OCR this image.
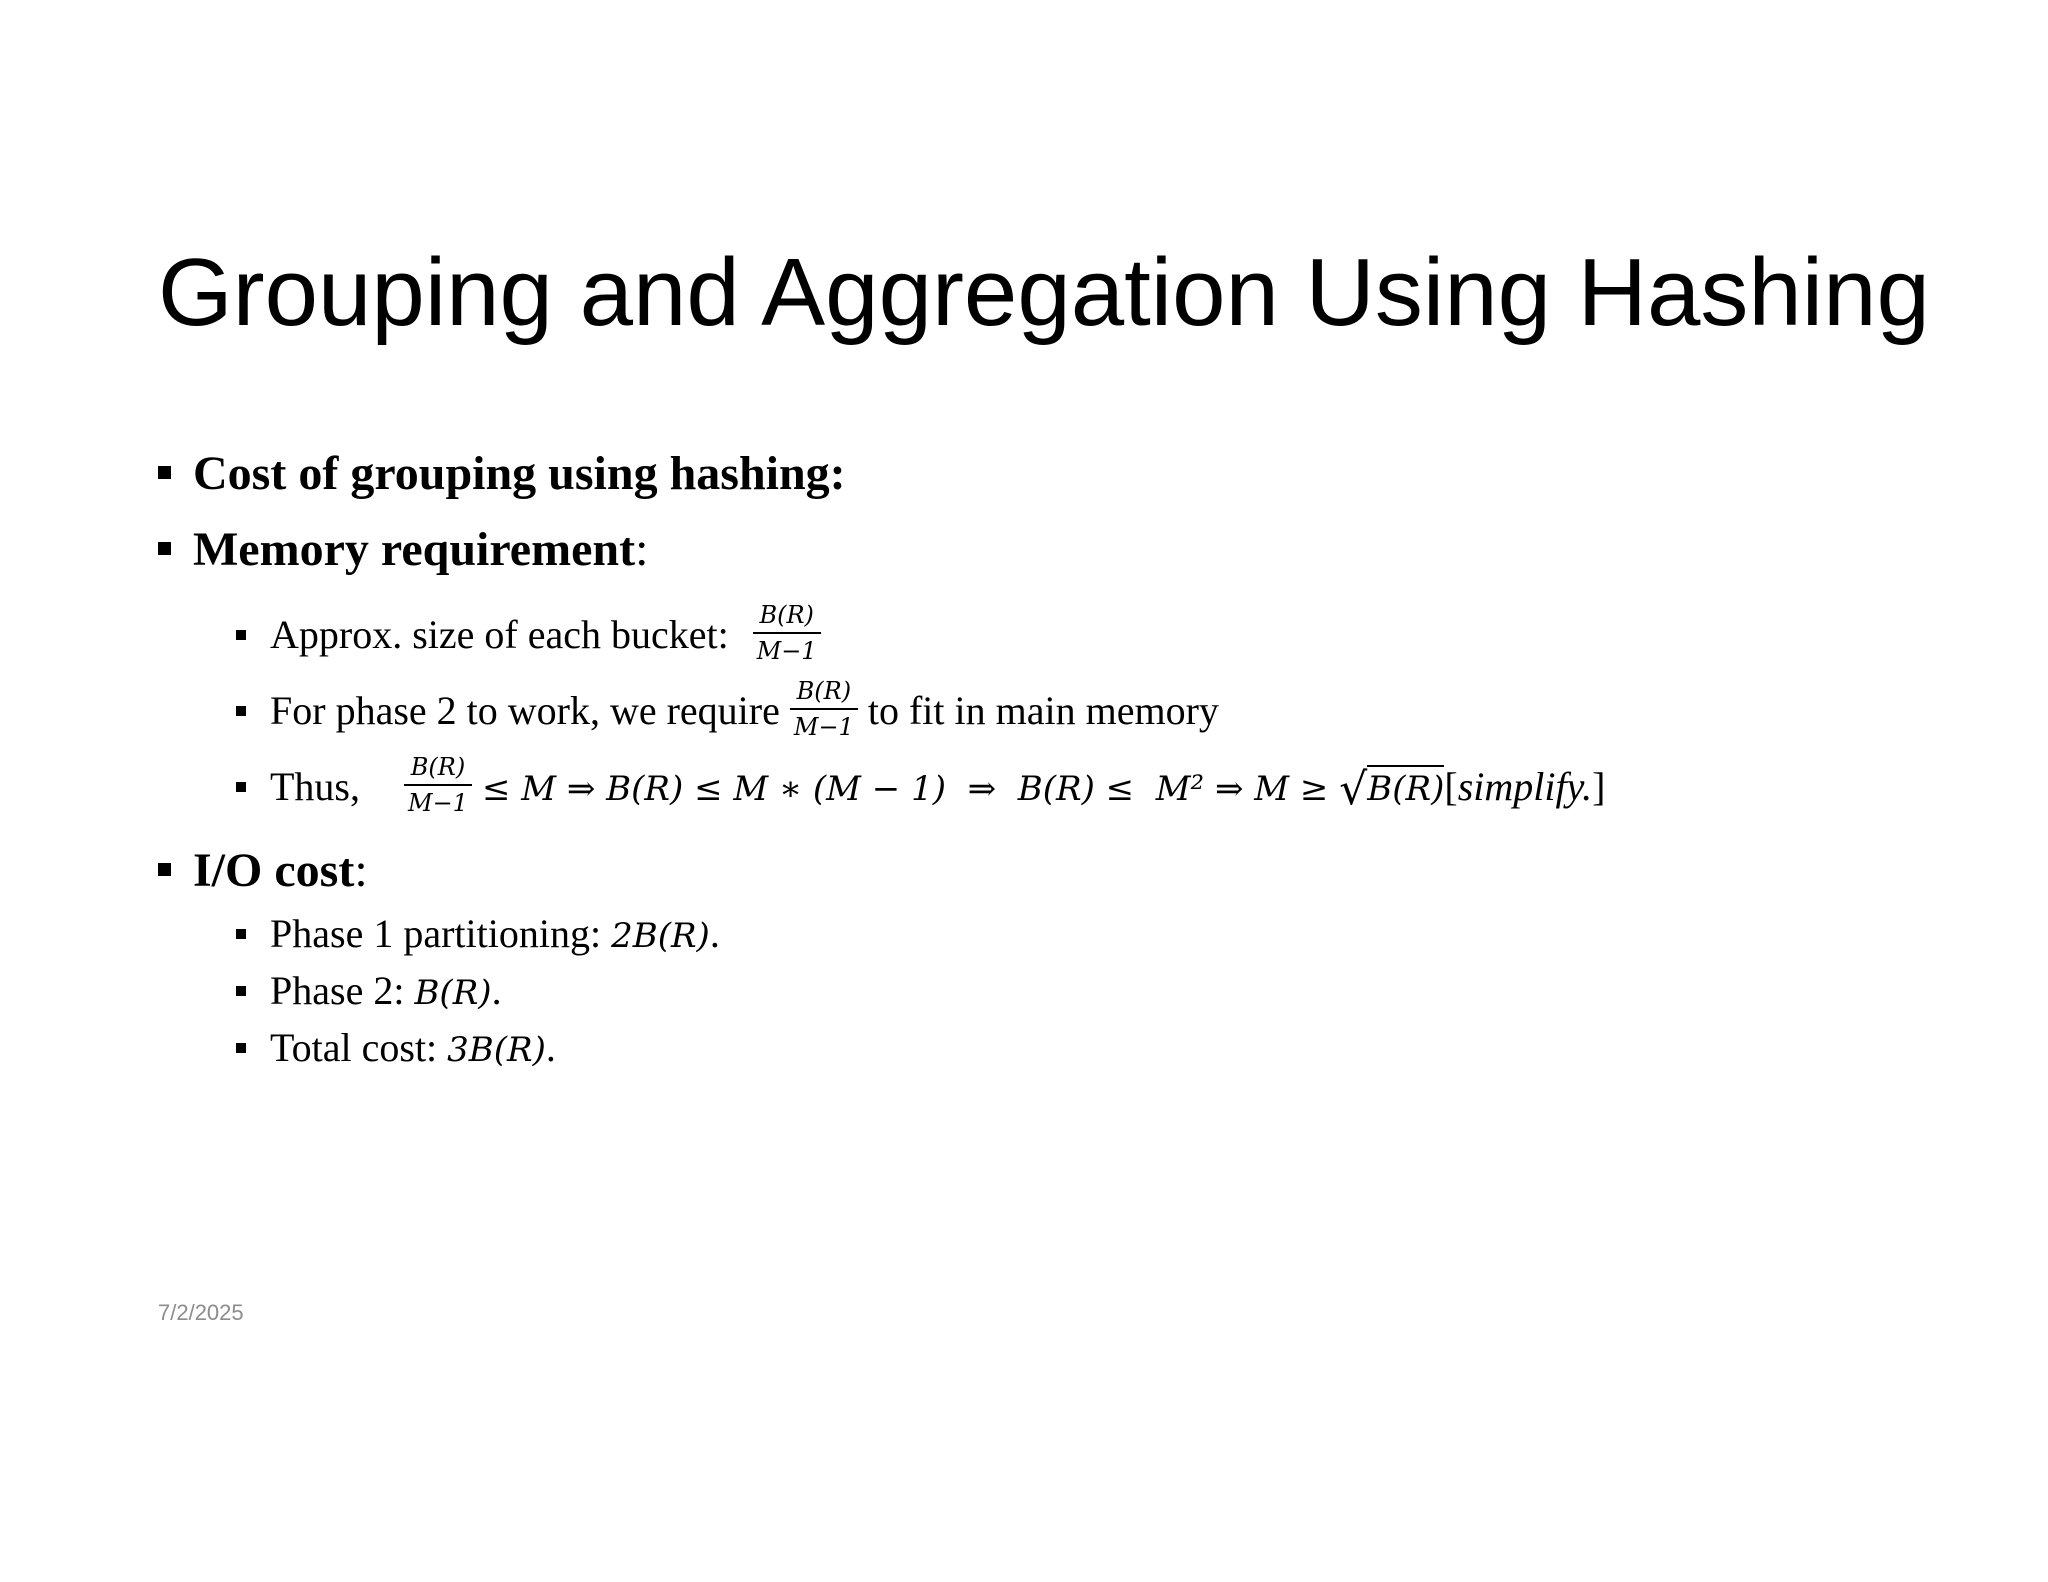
Grouping and Aggregation Using Hashing
Cost of grouping using hashing:
Memory requirement:
Approx. size of each bucket: $\frac{B(R)}{M-1}$
For phase 2 to work, we require $\frac{B(R)}{M-1}$ to fit in main memory
Thus, $\frac{B(R)}{M-1} \le M$ ⇒ B(R) ≤ M ∗ (M − 1)  ⇒  B(R) ≤  M² ⇒ M ≥ √B(R)[simplify.]
I/O cost:
Phase 1 partitioning: 2B(R).
Phase 2: B(R).
Total cost: 3B(R).
7/2/2025
